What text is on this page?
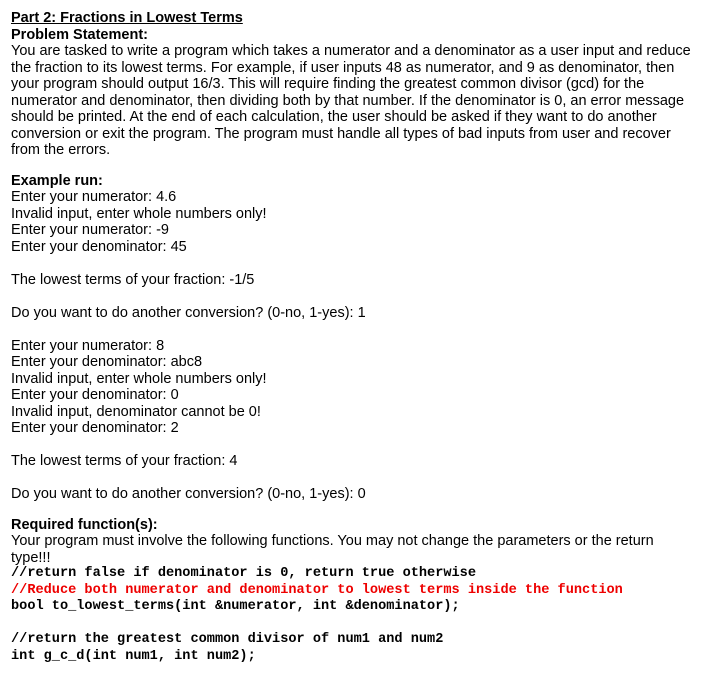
Part 2: Fractions in Lowest Terms

Problem Statement:

You are tasked to write a program which takes a numerator and a denominator as a user input and reduce the fraction to its lowest terms. For example, if user inputs 48 as numerator, and 9 as denominator, then your program should output 16/3. This will require finding the greatest common divisor (gcd) for the numerator and denominator, then dividing both by that number. If the denominator is 0, an error message should be printed. At the end of each calculation, the user should be asked if they want to do another conversion or exit the program. The program must handle all types of bad inputs from user and recover from the errors.

Example run:

Enter your numerator: 4.6

Invalid input, enter whole numbers only!

Enter your numerator: -9

Enter your denominator: 45

The lowest terms of your fraction: -1/5

Do you want to do another conversion? (0-no, 1-yes): 1

Enter your numerator: 8

Enter your denominator: abc8

Invalid input, enter whole numbers only!

Enter your denominator: 0

Invalid input, denominator cannot be 0!

Enter your denominator: 2

The lowest terms of your fraction: 4

Do you want to do another conversion? (0-no, 1-yes): 0

Required function(s):

Your program must involve the following functions. You may not change the parameters or the return type!!!

//return false if denominator is 0, return true otherwise

//Reduce both numerator and denominator to lowest terms inside the function

bool to_lowest_terms(int &numerator, int &denominator);

//return the greatest common divisor of num1 and num2

int g_c_d(int num1, int num2);
